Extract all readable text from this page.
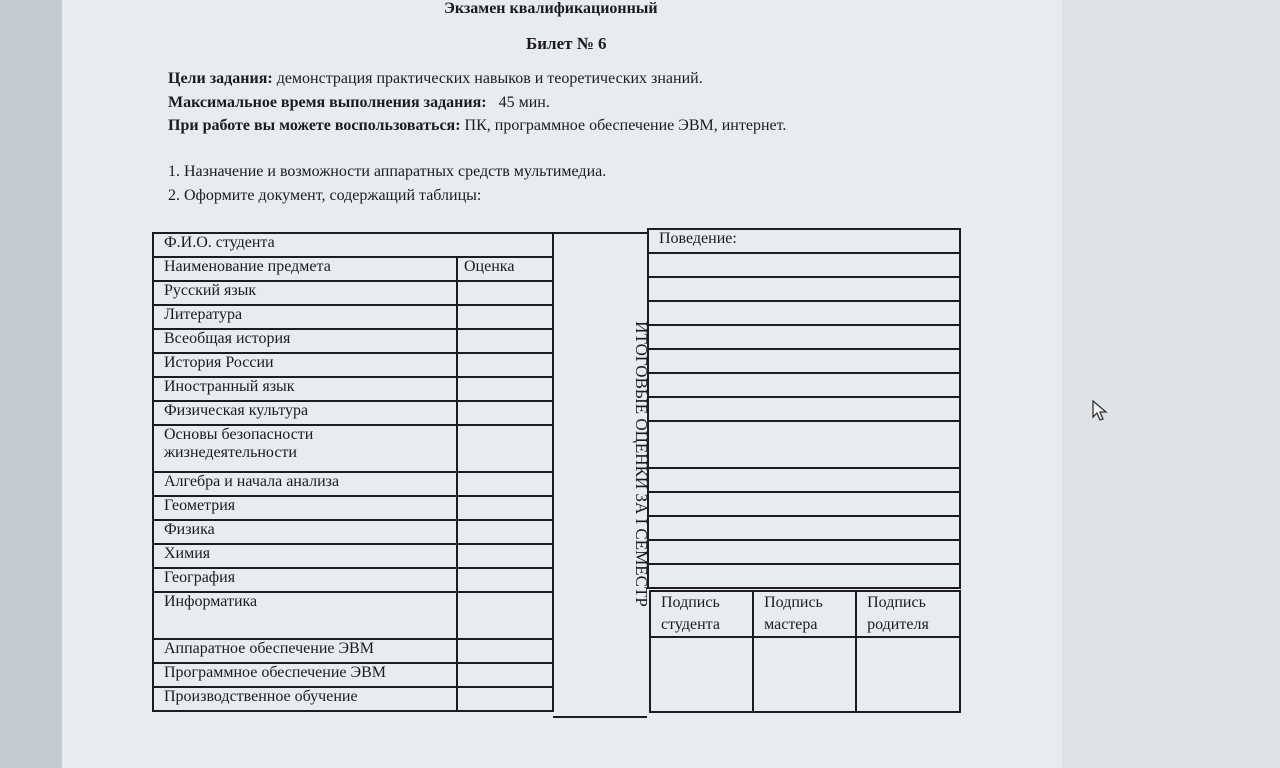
Экзамен квалификационный
Билет № 6
Цели задания: демонстрация практических навыков и теоретических знаний.
Максимальное время выполнения задания: 45 мин.
При работе вы можете воспользоваться: ПК, программное обеспечение ЭВМ, интернет.
1. Назначение и возможности аппаратных средств мультимедиа.
2. Оформите документ, содержащий таблицы:
Ф.И.О. студента	
Наименование предмета	Оценка
Русский язык	
Литература	
Всеобщая история	
История России	
Иностранный язык	
Физическая культура	
Основы безопасности жизнедеятельности	
Алгебра и начала анализа	
Геометрия	
Физика	
Химия	
География	
Информатика	
Аппаратное обеспечение ЭВМ	
Программное обеспечение ЭВМ	
Производственное обучение	
ИТОГОВЫЕ ОЦЕНКИ ЗА I СЕМЕСТР
Поведение:

Подпись студента	Подпись мастера	Подпись родителя
